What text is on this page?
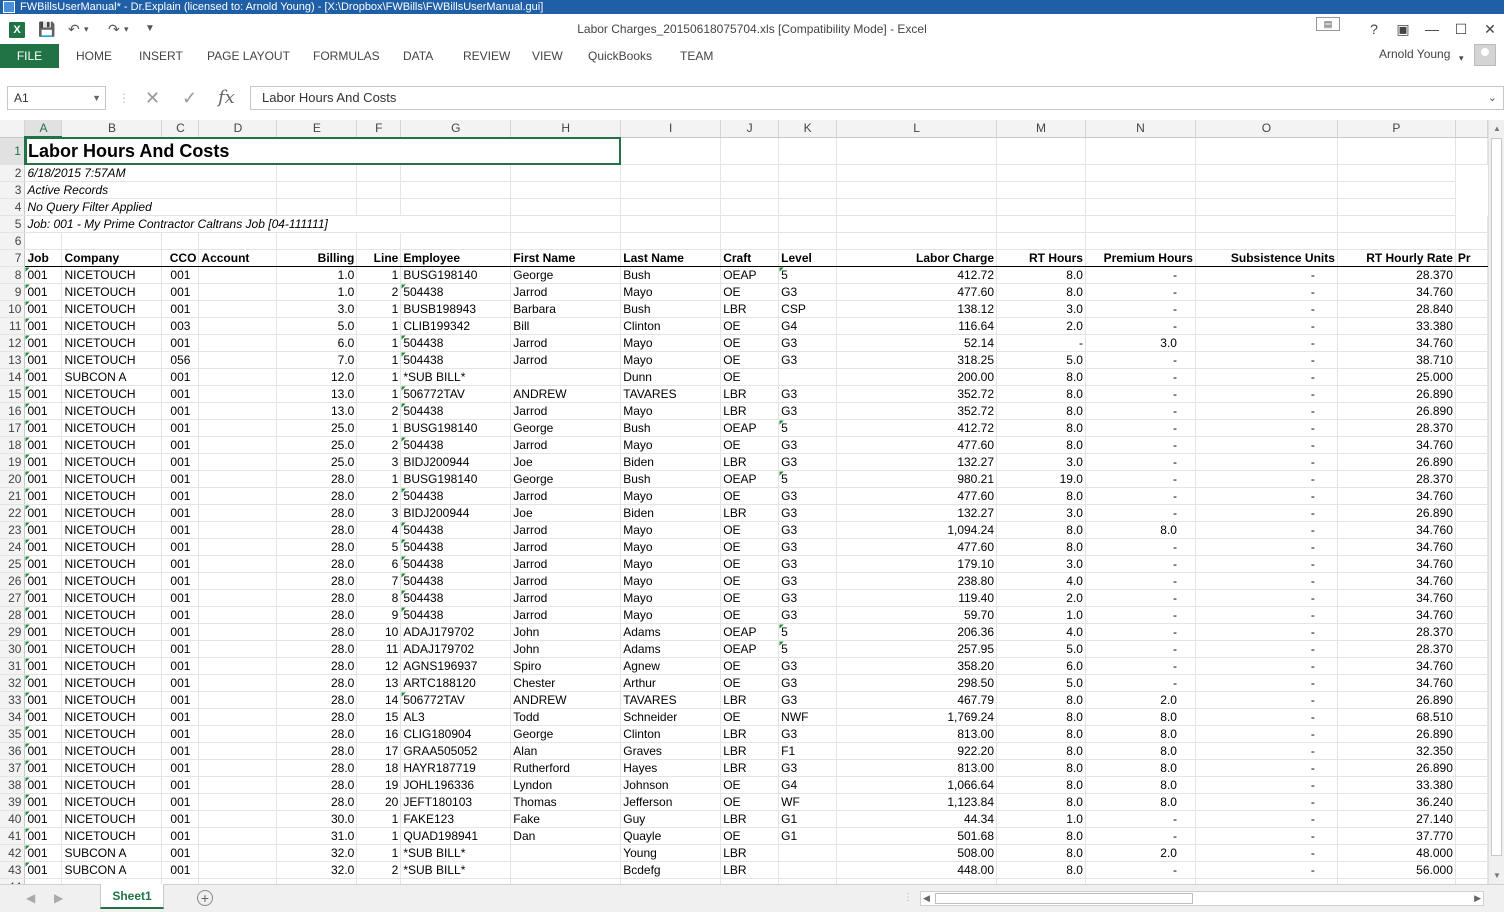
FWBillsUserManual* - Dr.Explain (licensed to: Arnold Young) - [X:\Dropbox\FWBills\FWBillsUserManual.gui]
X	💾 ↶ ▾ ↷ ▾ ▼	Labor Charges_20150618075704.xls [Compatibility Mode] - Excel	▤	?	▣ — ☐ ✕
FILE	HOME INSERT PAGE LAYOUT FORMULAS DATA REVIEW VIEW QuickBooks TEAM	Arnold Young ▾
A1	▼ ⋮ ✕ ✓ fx	Labor Hours And Costs	⌄
	A	B	C	D	E	F	G	H	I	J	K	L	M	N	O	P	
1	Labor Hours And Costs																
2	6/18/2015 7:57AM																
3	Active Records																
4	No Query Filter Applied																
5	Job: 001 - My Prime Contractor Caltrans Job [04-111111]																
6																	
7	Job	Company	CCO	Account	Billing	Line	Employee	First Name	Last Name	Craft	Level	Labor Charge	RT Hours	Premium Hours	Subsistence Units	RT Hourly Rate	Pr
8	001	NICETOUCH	001		1.0	1	BUSG198140	George	Bush	OEAP	5	412.72	8.0	-	-	28.370	
9	001	NICETOUCH	001		1.0	2	504438	Jarrod	Mayo	OE	G3	477.60	8.0	-	-	34.760	
10	001	NICETOUCH	001		3.0	1	BUSB198943	Barbara	Bush	LBR	CSP	138.12	3.0	-	-	28.840	
11	001	NICETOUCH	003		5.0	1	CLIB199342	Bill	Clinton	OE	G4	116.64	2.0	-	-	33.380	
12	001	NICETOUCH	001		6.0	1	504438	Jarrod	Mayo	OE	G3	52.14	-	3.0	-	34.760	
13	001	NICETOUCH	056		7.0	1	504438	Jarrod	Mayo	OE	G3	318.25	5.0	-	-	38.710	
14	001	SUBCON A	001		12.0	1	*SUB BILL*		Dunn	OE		200.00	8.0	-	-	25.000	
15	001	NICETOUCH	001		13.0	1	506772TAV	ANDREW	TAVARES	LBR	G3	352.72	8.0	-	-	26.890	
16	001	NICETOUCH	001		13.0	2	504438	Jarrod	Mayo	LBR	G3	352.72	8.0	-	-	26.890	
17	001	NICETOUCH	001		25.0	1	BUSG198140	George	Bush	OEAP	5	412.72	8.0	-	-	28.370	
18	001	NICETOUCH	001		25.0	2	504438	Jarrod	Mayo	OE	G3	477.60	8.0	-	-	34.760	
19	001	NICETOUCH	001		25.0	3	BIDJ200944	Joe	Biden	LBR	G3	132.27	3.0	-	-	26.890	
20	001	NICETOUCH	001		28.0	1	BUSG198140	George	Bush	OEAP	5	980.21	19.0	-	-	28.370	
21	001	NICETOUCH	001		28.0	2	504438	Jarrod	Mayo	OE	G3	477.60	8.0	-	-	34.760	
22	001	NICETOUCH	001		28.0	3	BIDJ200944	Joe	Biden	LBR	G3	132.27	3.0	-	-	26.890	
23	001	NICETOUCH	001		28.0	4	504438	Jarrod	Mayo	OE	G3	1,094.24	8.0	8.0	-	34.760	
24	001	NICETOUCH	001		28.0	5	504438	Jarrod	Mayo	OE	G3	477.60	8.0	-	-	34.760	
25	001	NICETOUCH	001		28.0	6	504438	Jarrod	Mayo	OE	G3	179.10	3.0	-	-	34.760	
26	001	NICETOUCH	001		28.0	7	504438	Jarrod	Mayo	OE	G3	238.80	4.0	-	-	34.760	
27	001	NICETOUCH	001		28.0	8	504438	Jarrod	Mayo	OE	G3	119.40	2.0	-	-	34.760	
28	001	NICETOUCH	001		28.0	9	504438	Jarrod	Mayo	OE	G3	59.70	1.0	-	-	34.760	
29	001	NICETOUCH	001		28.0	10	ADAJ179702	John	Adams	OEAP	5	206.36	4.0	-	-	28.370	
30	001	NICETOUCH	001		28.0	11	ADAJ179702	John	Adams	OEAP	5	257.95	5.0	-	-	28.370	
31	001	NICETOUCH	001		28.0	12	AGNS196937	Spiro	Agnew	OE	G3	358.20	6.0	-	-	34.760	
32	001	NICETOUCH	001		28.0	13	ARTC188120	Chester	Arthur	OE	G3	298.50	5.0	-	-	34.760	
33	001	NICETOUCH	001		28.0	14	506772TAV	ANDREW	TAVARES	LBR	G3	467.79	8.0	2.0	-	26.890	
34	001	NICETOUCH	001		28.0	15	AL3	Todd	Schneider	OE	NWF	1,769.24	8.0	8.0	-	68.510	
35	001	NICETOUCH	001		28.0	16	CLIG180904	George	Clinton	LBR	G3	813.00	8.0	8.0	-	26.890	
36	001	NICETOUCH	001		28.0	17	GRAA505052	Alan	Graves	LBR	F1	922.20	8.0	8.0	-	32.350	
37	001	NICETOUCH	001		28.0	18	HAYR187719	Rutherford	Hayes	LBR	G3	813.00	8.0	8.0	-	26.890	
38	001	NICETOUCH	001		28.0	19	JOHL196336	Lyndon	Johnson	OE	G4	1,066.64	8.0	8.0	-	33.380	
39	001	NICETOUCH	001		28.0	20	JEFT180103	Thomas	Jefferson	OE	WF	1,123.84	8.0	8.0	-	36.240	
40	001	NICETOUCH	001		30.0	1	FAKE123	Fake	Guy	LBR	G1	44.34	1.0	-	-	27.140	
41	001	NICETOUCH	001		31.0	1	QUAD198941	Dan	Quayle	OE	G1	501.68	8.0	-	-	37.770	
42	001	SUBCON A	001		32.0	1	*SUB BILL*		Young	LBR		508.00	8.0	2.0	-	48.000	
43	001	SUBCON A	001		32.0	2	*SUB BILL*		Bcdefg	LBR		448.00	8.0	-	-	56.000	

▲
▼
◀ ▶	Sheet1	+	⋮ ◀	▶
